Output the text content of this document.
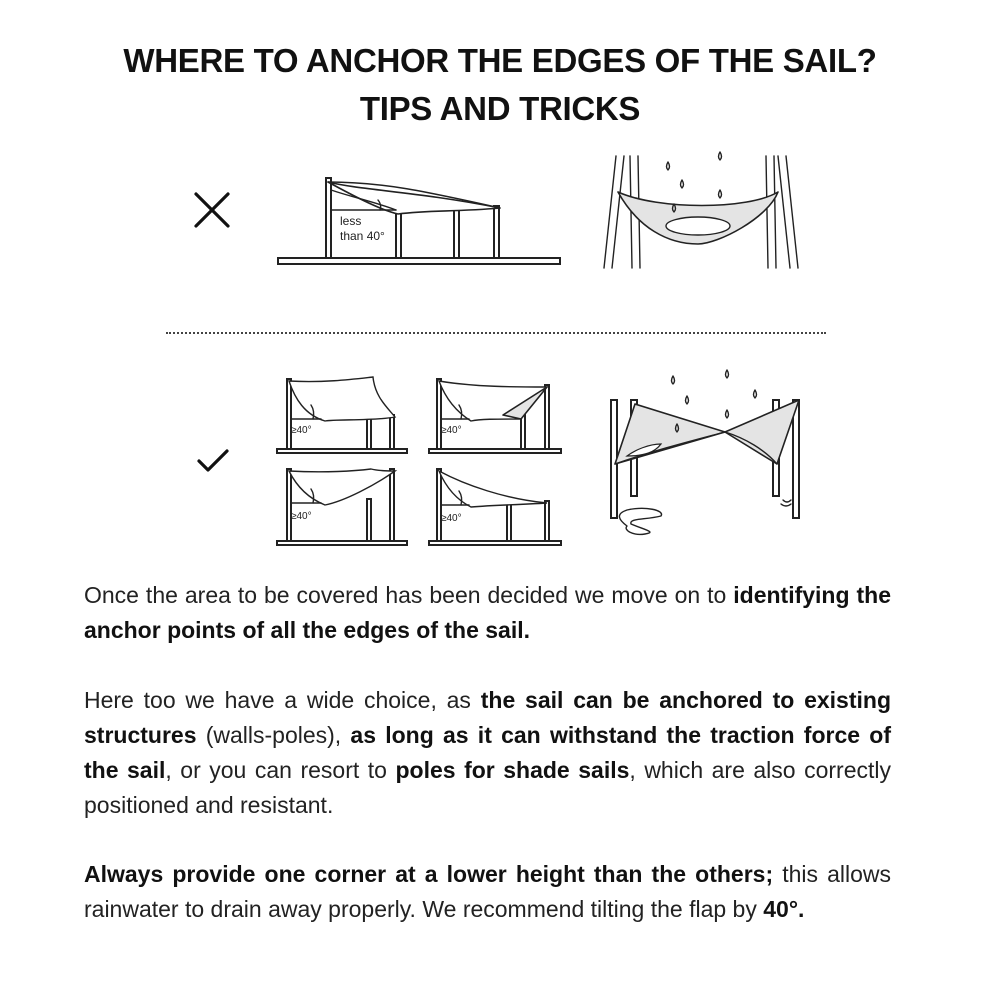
WHERE TO ANCHOR THE EDGES OF THE SAIL?
TIPS AND TRICKS
less
than 40°
≥40°	≥40°
≥40°	≥40°
Once the area to be covered has been decided we move on to identifying the anchor points of all the edges of the sail.
Here too we have a wide choice, as the sail can be anchored to existing structures (walls-poles), as long as it can withstand the traction force of the sail, or you can resort to poles for shade sails, which are also correctly positioned and resistant.
Always provide one corner at a lower height than the others; this allows rainwater to drain away properly. We recommend tilting the flap by 40°.
